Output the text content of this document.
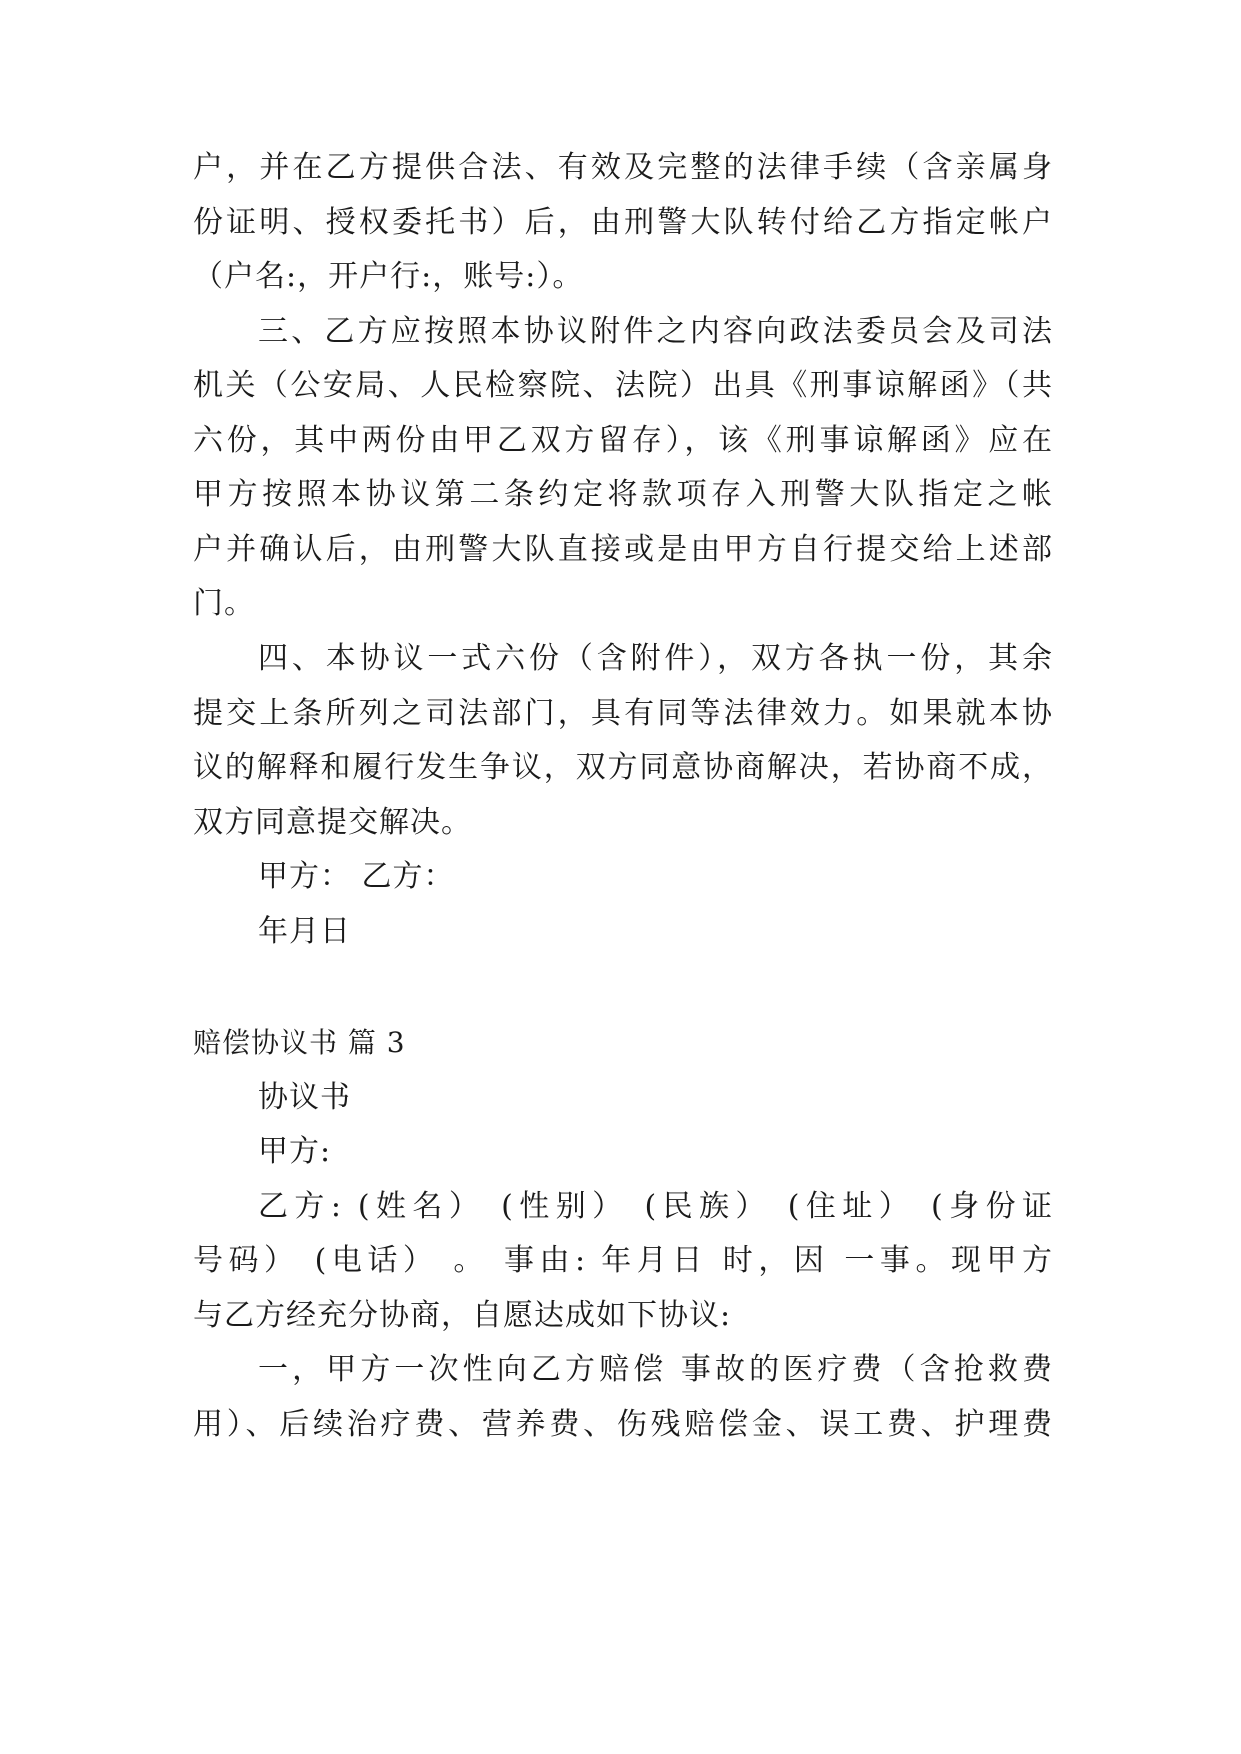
户，并在乙方提供合法、有效及完整的法律手续（含亲属身
份证明、授权委托书）后，由刑警大队转付给乙方指定帐户
（户名:，开户行:，账号:）。
三、乙方应按照本协议附件之内容向政法委员会及司法
机关（公安局、人民检察院、法院）出具《刑事谅解函》（共
六份，其中两份由甲乙双方留存），该《刑事谅解函》应在
甲方按照本协议第二条约定将款项存入刑警大队指定之帐
户并确认后，由刑警大队直接或是由甲方自行提交给上述部
门。
四、本协议一式六份（含附件），双方各执一份，其余
提交上条所列之司法部门，具有同等法律效力。如果就本协
议的解释和履行发生争议，双方同意协商解决，若协商不成，
双方同意提交解决。
甲方： 乙方：
年月日
赔偿协议书 篇 3
协议书
甲方:
乙方: (姓名） (性别） (民族） (住址） (身份证
号码） (电话） 。 事由: 年月日 时，因 一事。现甲方
与乙方经充分协商，自愿达成如下协议:
一，甲方一次性向乙方赔偿 事故的医疗费（含抢救费
用）、后续治疗费、营养费、伤残赔偿金、误工费、护理费
